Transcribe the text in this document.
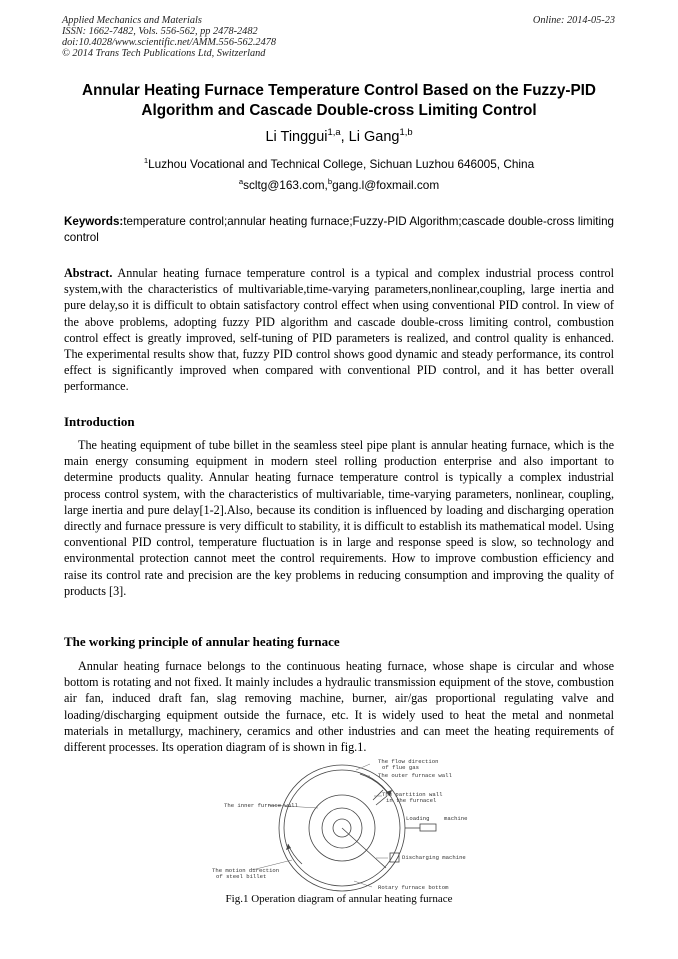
Applied Mechanics and Materials
ISSN: 1662-7482, Vols. 556-562, pp 2478-2482
doi:10.4028/www.scientific.net/AMM.556-562.2478
© 2014 Trans Tech Publications Ltd, Switzerland
Online: 2014-05-23
Annular Heating Furnace Temperature Control Based on the Fuzzy-PID
Algorithm and Cascade Double-cross Limiting Control
Li Tinggui$^{1,a}$, Li Gang$^{1,b}$
$^1$Luzhou Vocational and Technical College, Sichuan Luzhou 646005, China
$^a$scltg@163.com,$^b$gang.l@foxmail.com
Keywords:temperature control;annular heating furnace;Fuzzy-PID Algorithm;cascade double-cross limiting control
Abstract. Annular heating furnace temperature control is a typical and complex industrial process control system,with the characteristics of multivariable,time-varying parameters,nonlinear,coupling, large inertia and pure delay,so it is difficult to obtain satisfactory control effect when using conventional PID control. In view of the above problems, adopting fuzzy PID algorithm and cascade double-cross limiting control, combustion control effect is greatly improved, self-tuning of PID parameters is realized, and control quality is enhanced. The experimental results show that, fuzzy PID control shows good dynamic and steady performance, its control effect is significantly improved when compared with conventional PID control, and it has better overall performance.
Introduction
The heating equipment of tube billet in the seamless steel pipe plant is annular heating furnace, which is the main energy consuming equipment in modern steel rolling production enterprise and also important to determine products quality. Annular heating furnace temperature control is typically a complex industrial process control system, with the characteristics of multivariable, time-varying parameters, nonlinear, coupling, large inertia and pure delay[1-2].Also, because its condition is influenced by loading and discharging operation directly and furnace pressure is very difficult to stability, it is difficult to establish its mathematical model. Using conventional PID control, temperature fluctuation is in large and response speed is slow, so technology and environmental protection cannot meet the control requirements. How to improve combustion efficiency and raise its control rate and precision are the key problems in reducing consumption and improving the quality of products [3].
The working principle of annular heating furnace
Annular heating furnace belongs to the continuous heating furnace, whose shape is circular and whose bottom is rotating and not fixed. It mainly includes a hydraulic transmission equipment of the stove, combustion air fan, induced draft fan, slag removing machine, burner, air/gas proportional regulating valve and loading/discharging equipment outside the furnace, etc. It is widely used to heat the metal and nonmetal materials in metallurgy, machinery, ceramics and other industries and can meet the heating requirements of different processes. Its operation diagram of is shown in fig.1.
The flow direction
of flue gas
The outer furnace wall
The inner furnace wall
The partition wall
in the furnacel
Loading	machine
Discharging machine
The motion direction
of steel billet
Rotary furnace bottom
Fig.1 Operation diagram of annular heating furnace
